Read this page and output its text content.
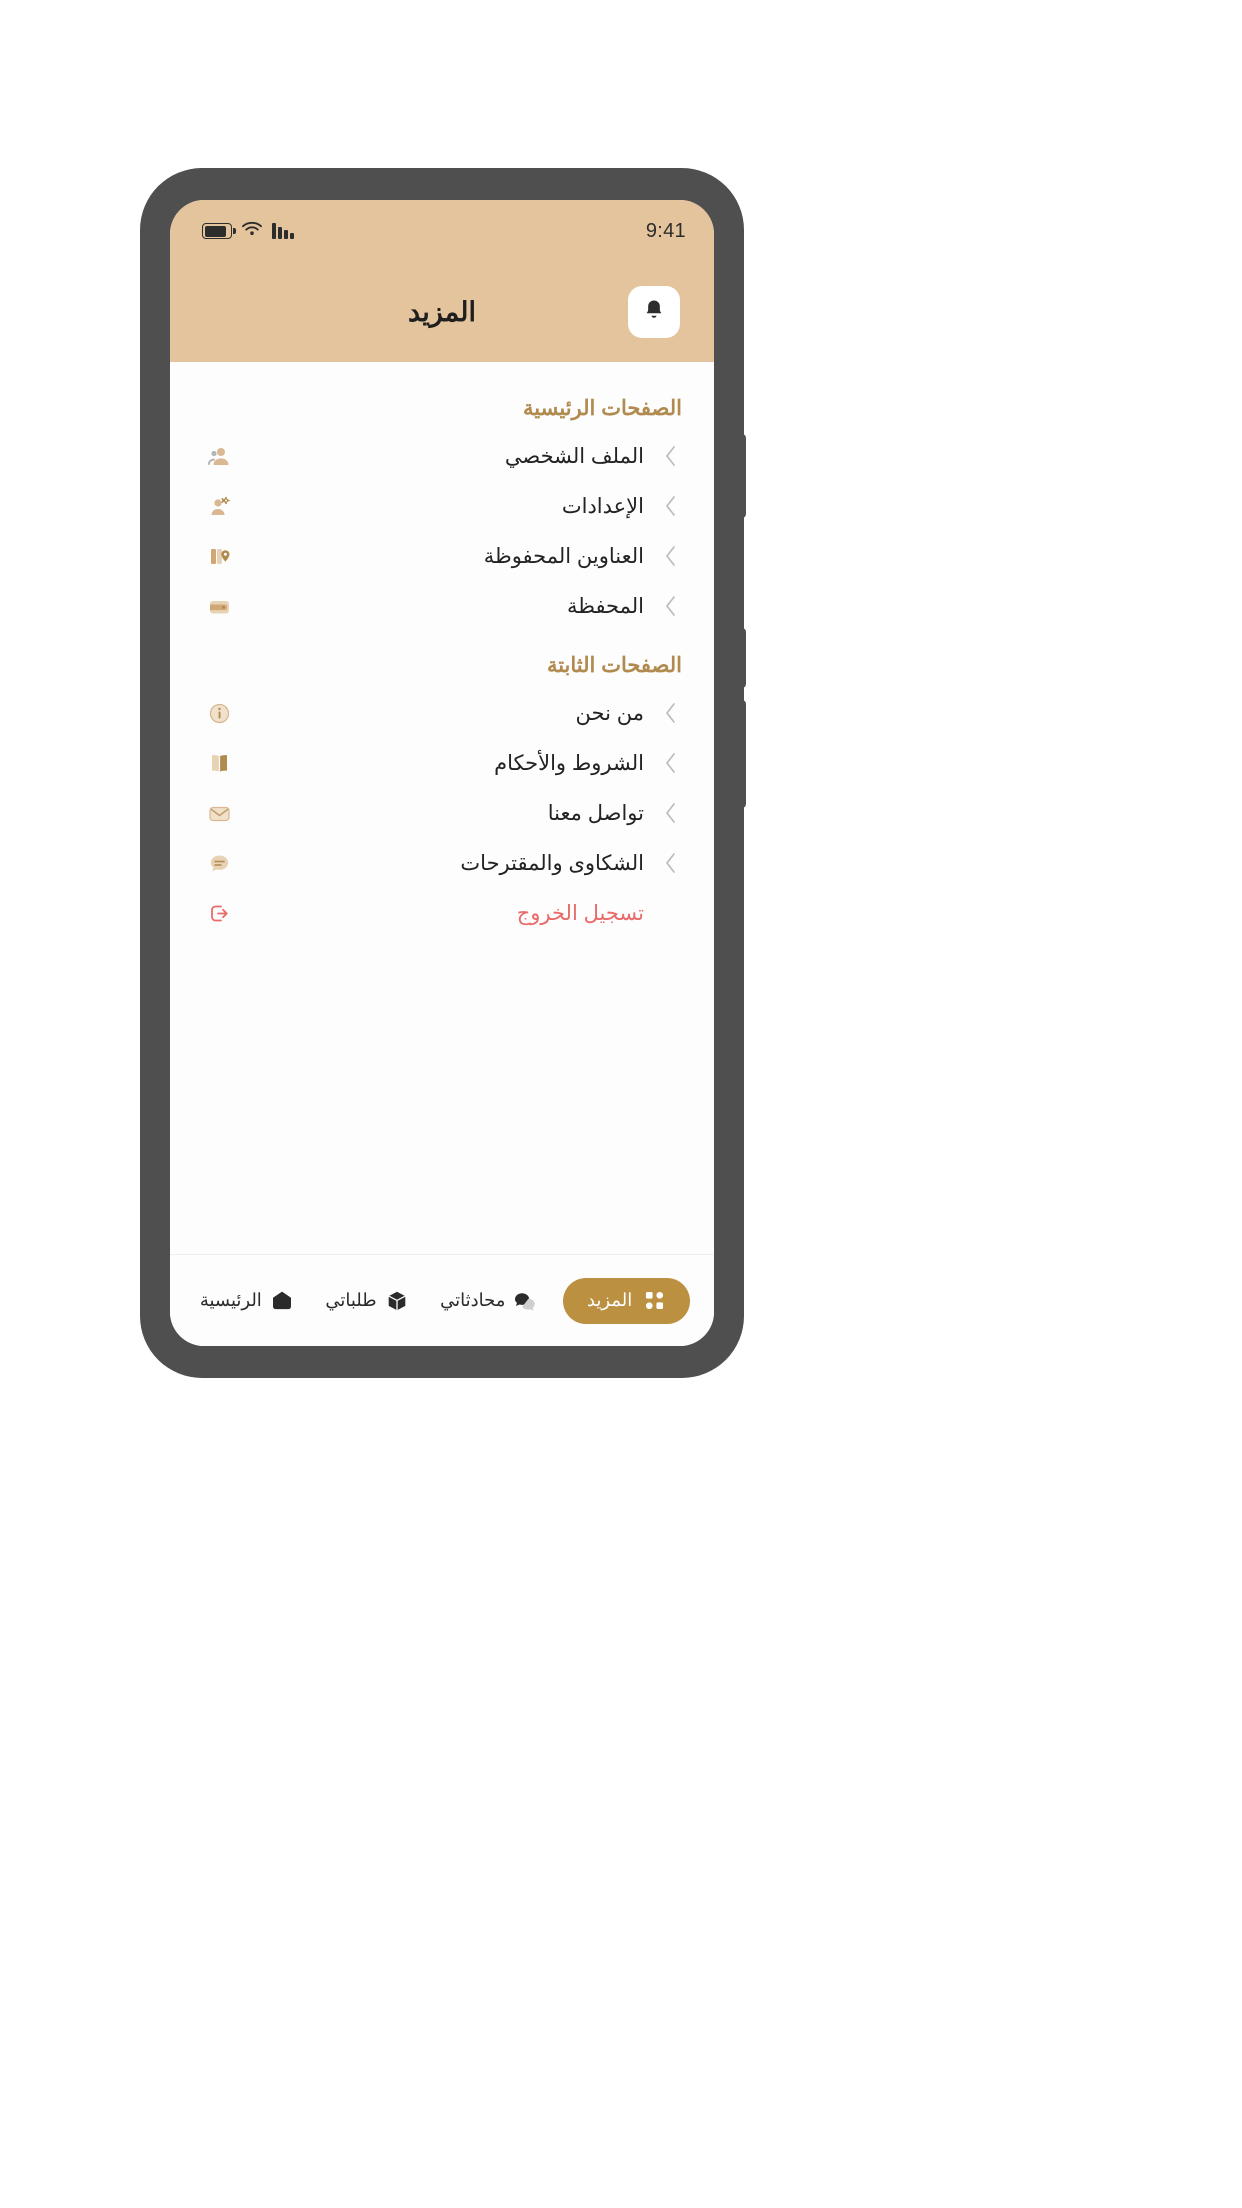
9:41
المزيد
الصفحات الرئيسية
الملف الشخصي
الإعدادات
العناوين المحفوظة
المحفظة
الصفحات الثابتة
من نحن
الشروط والأحكام
تواصل معنا
الشكاوى والمقترحات
تسجيل الخروج
المزيد
محادثاتي
طلباتي
الرئيسية
